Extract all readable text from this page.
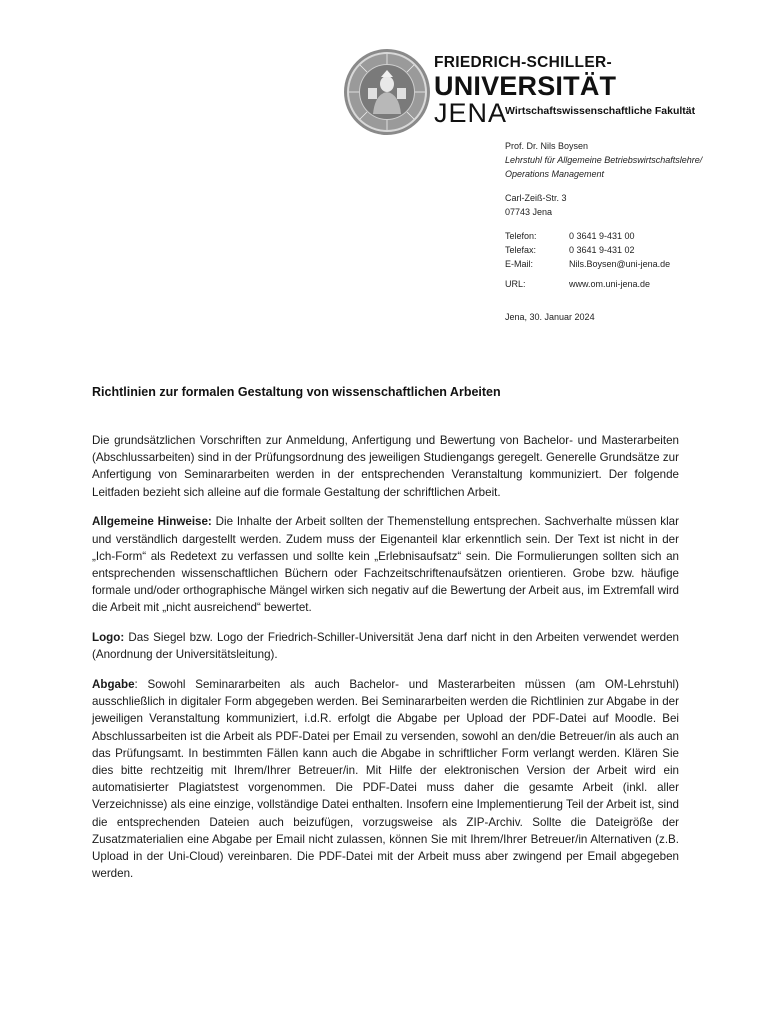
FRIEDRICH-SCHILLER-
UNIVERSITÄT
JENA
Wirtschaftswissenschaftliche Fakultät
Prof. Dr. Nils Boysen
Lehrstuhl für Allgemeine Betriebswirtschaftslehre/
Operations Management
Carl-Zeiß-Str. 3
07743 Jena
Telefon:	0 3641 9-431 00
Telefax:	0 3641 9-431 02
E-Mail:	Nils.Boysen@uni-jena.de
URL:	www.om.uni-jena.de
Jena, 30. Januar 2024
Richtlinien zur formalen Gestaltung von wissenschaftlichen Arbeiten

Die grundsätzlichen Vorschriften zur Anmeldung, Anfertigung und Bewertung von Bachelor- und Masterarbeiten (Abschlussarbeiten) sind in der Prüfungsordnung des jeweiligen Studiengangs geregelt. Generelle Grundsätze zur Anfertigung von Seminararbeiten werden in der entsprechenden Veranstaltung kommuniziert. Der folgende Leitfaden bezieht sich alleine auf die formale Gestaltung der schriftlichen Arbeit.

Allgemeine Hinweise: Die Inhalte der Arbeit sollten der Themenstellung entsprechen. Sachverhalte müssen klar und verständlich dargestellt werden. Zudem muss der Eigenanteil klar erkenntlich sein. Der Text ist nicht in der „Ich-Form“ als Redetext zu verfassen und sollte kein „Erlebnisaufsatz“ sein. Die Formulierungen sollten sich an entsprechenden wissenschaftlichen Büchern oder Fachzeitschriftenaufsätzen orientieren. Grobe bzw. häufige formale und/oder orthographische Mängel wirken sich negativ auf die Bewertung der Arbeit aus, im Extremfall wird die Arbeit mit „nicht ausreichend“ bewertet.

Logo: Das Siegel bzw. Logo der Friedrich-Schiller-Universität Jena darf nicht in den Arbeiten verwendet werden (Anordnung der Universitätsleitung).

Abgabe: Sowohl Seminararbeiten als auch Bachelor- und Masterarbeiten müssen (am OM-Lehrstuhl) ausschließlich in digitaler Form abgegeben werden. Bei Seminararbeiten werden die Richtlinien zur Abgabe in der jeweiligen Veranstaltung kommuniziert, i.d.R. erfolgt die Abgabe per Upload der PDF-Datei auf Moodle. Bei Abschlussarbeiten ist die Arbeit als PDF-Datei per Email zu versenden, sowohl an den/die Betreuer/in als auch an das Prüfungsamt. In bestimmten Fällen kann auch die Abgabe in schriftlicher Form verlangt werden. Klären Sie dies bitte rechtzeitig mit Ihrem/Ihrer Betreuer/in. Mit Hilfe der elektronischen Version der Arbeit wird ein automatisierter Plagiatstest vorgenommen. Die PDF-Datei muss daher die gesamte Arbeit (inkl. aller Verzeichnisse) als eine einzige, vollständige Datei enthalten. Insofern eine Implementierung Teil der Arbeit ist, sind die entsprechenden Dateien auch beizufügen, vorzugsweise als ZIP-Archiv. Sollte die Dateigröße der Zusatzmaterialien eine Abgabe per Email nicht zulassen, können Sie mit Ihrem/Ihrer Betreuer/in Alternativen (z.B. Upload in der Uni-Cloud) vereinbaren. Die PDF-Datei mit der Arbeit muss aber zwingend per Email abgegeben werden.
